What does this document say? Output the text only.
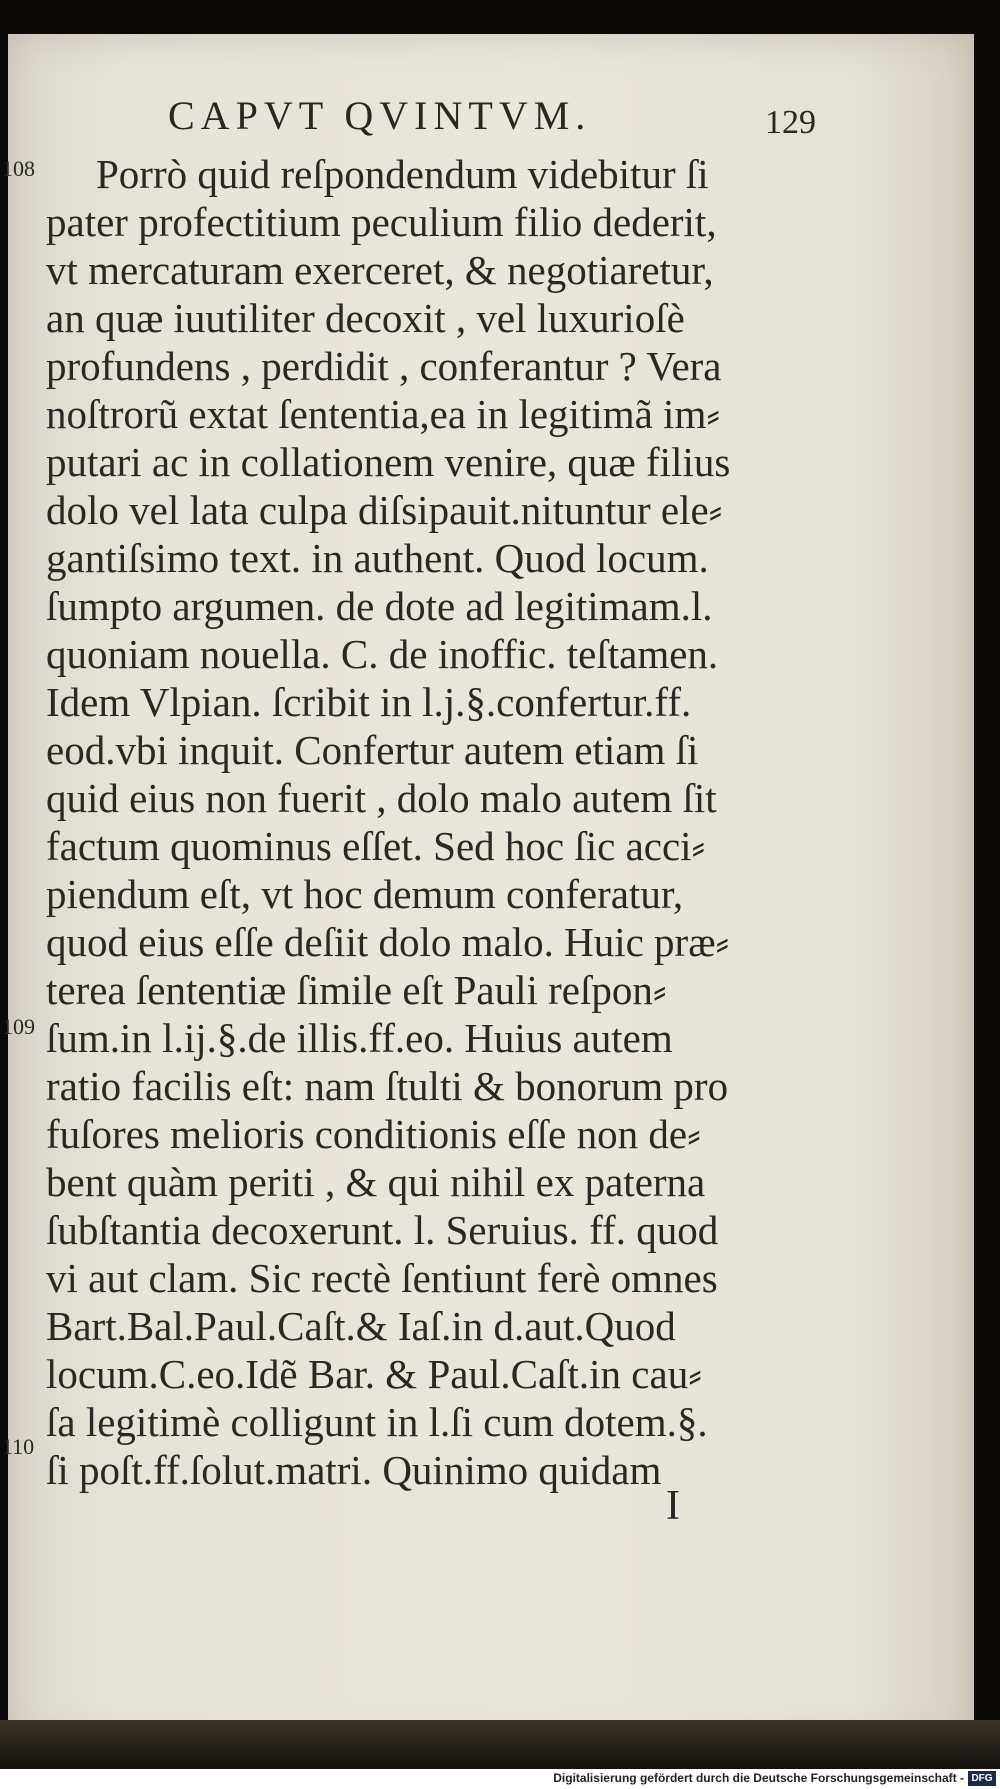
CAPVT QVINTVM.	129
108
109
110
Porrò quid reſpondendum videbitur ſi
pater profectitium peculium filio dederit,
vt mercaturam exerceret, & negotiaretur,
an quæ iuutiliter decoxit , vel luxurioſè
profundens , perdidit , conferantur ? Vera
noſtrorũ extat ſententia,ea in legitimã im⸗
putari ac in collationem venire, quæ filius
dolo vel lata culpa diſsipauit.nituntur ele⸗
gantiſsimo text. in authent. Quod locum.
ſumpto argumen. de dote ad legitimam.l.
quoniam nouella. C. de inoffic. teſtamen.
Idem Vlpian. ſcribit in l.j.§.confertur.ff.
eod.vbi inquit. Confertur autem etiam ſi
quid eius non fuerit , dolo malo autem ſit
factum quominus eſſet. Sed hoc ſic acci⸗
piendum eſt, vt hoc demum conferatur,
quod eius eſſe deſiit dolo malo. Huic præ⸗
terea ſententiæ ſimile eſt Pauli reſpon⸗
ſum.in l.ij.§.de illis.ff.eo. Huius autem
ratio facilis eſt: nam ſtulti & bonorum pro
fuſores melioris conditionis eſſe non de⸗
bent quàm periti , & qui nihil ex paterna
ſubſtantia decoxerunt. l. Seruius. ff. quod
vi aut clam. Sic rectè ſentiunt ferè omnes
Bart.Bal.Paul.Caſt.& Iaſ.in d.aut.Quod
locum.C.eo.Idẽ Bar. & Paul.Caſt.in cau⸗
ſa legitimè colligunt in l.ſi cum dotem.§.
ſi poſt.ff.ſolut.matri. Quinimo quidam
I
Digitalisierung gefördert durch die Deutsche Forschungsgemeinschaft - DFG
